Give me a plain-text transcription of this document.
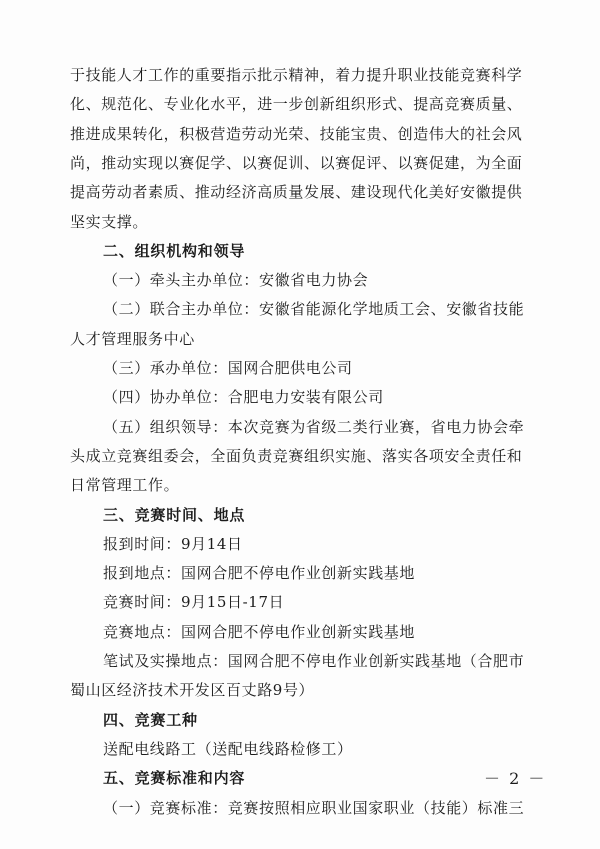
于技能人才工作的重要指示批示精神，着力提升职业技能竞赛科学
化、规范化、专业化水平，进一步创新组织形式、提高竞赛质量、
推进成果转化，积极营造劳动光荣、技能宝贵、创造伟大的社会风
尚，推动实现以赛促学、以赛促训、以赛促评、以赛促建，为全面
提高劳动者素质、推动经济高质量发展、建设现代化美好安徽提供
坚实支撑。
二、组织机构和领导
（一）牵头主办单位：安徽省电力协会
（二）联合主办单位：安徽省能源化学地质工会、安徽省技能
人才管理服务中心
（三）承办单位：国网合肥供电公司
（四）协办单位：合肥电力安装有限公司
（五）组织领导：本次竞赛为省级二类行业赛，省电力协会牵
头成立竞赛组委会，全面负责竞赛组织实施、落实各项安全责任和
日常管理工作。
三、竞赛时间、地点
报到时间：9月14日
报到地点：国网合肥不停电作业创新实践基地
竞赛时间：9月15日-17日
竞赛地点：国网合肥不停电作业创新实践基地
笔试及实操地点：国网合肥不停电作业创新实践基地（合肥市
蜀山区经济技术开发区百丈路9号）
四、竞赛工种
送配电线路工（送配电线路检修工）
五、竞赛标准和内容
（一）竞赛标准：竞赛按照相应职业国家职业（技能）标准三
－ 2 －
